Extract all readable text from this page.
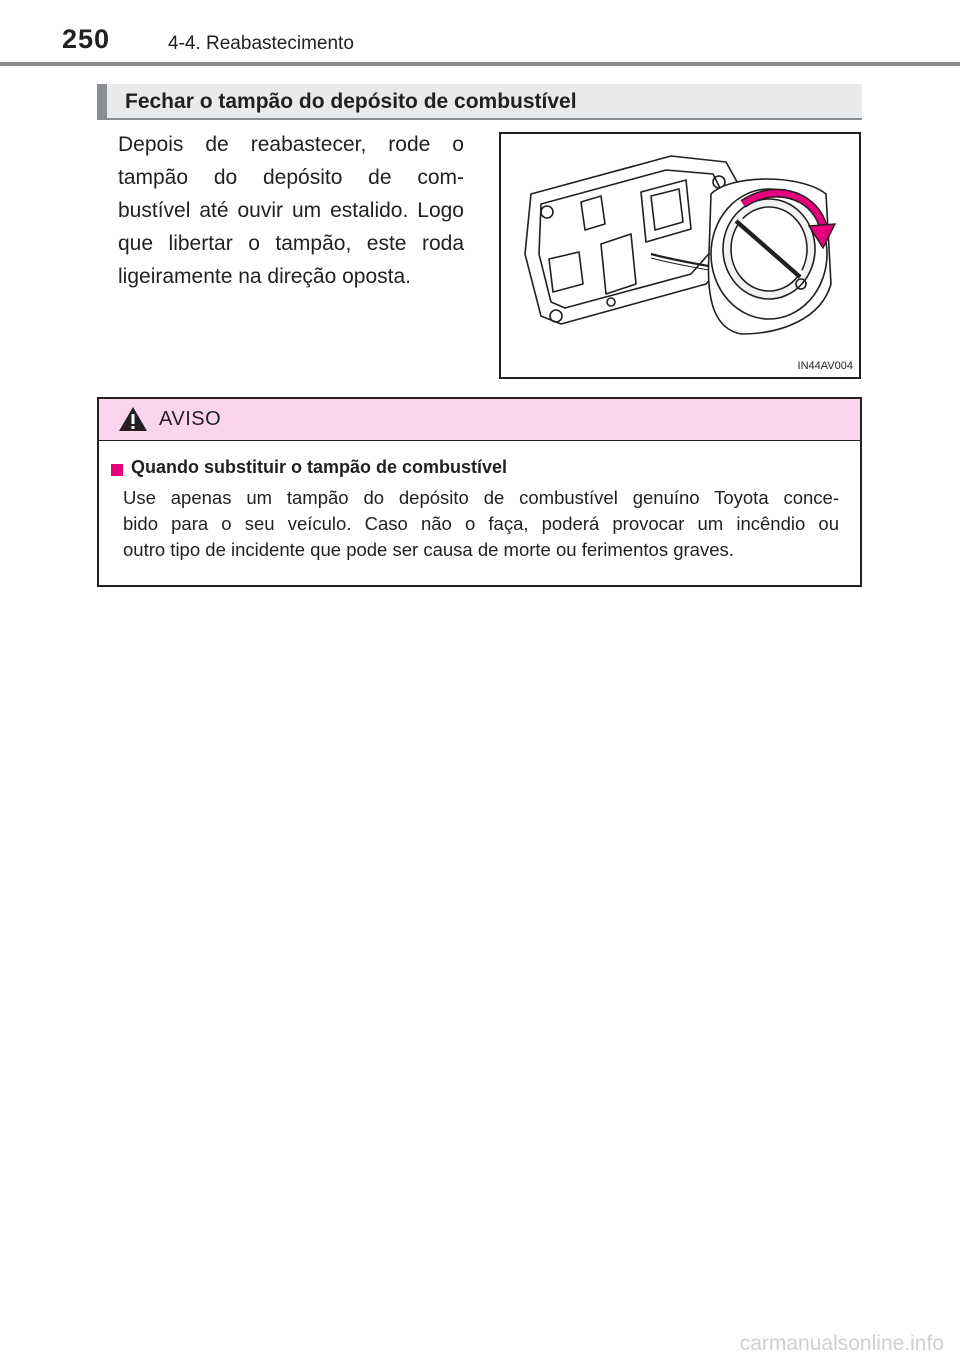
250	4-4. Reabastecimento
Fechar o tampão do depósito de combustível
Depois de reabastecer, rode o
tampão do depósito de com-
bustível até ouvir um estalido. Logo
que libertar o tampão, este roda
ligeiramente na direção oposta.
IN44AV004
AVISO
Quando substituir o tampão de combustível
Use apenas um tampão do depósito de combustível genuíno Toyota conce-
bido para o seu veículo. Caso não o faça, poderá provocar um incêndio ou
outro tipo de incidente que pode ser causa de morte ou ferimentos graves.
carmanualsonline.info
